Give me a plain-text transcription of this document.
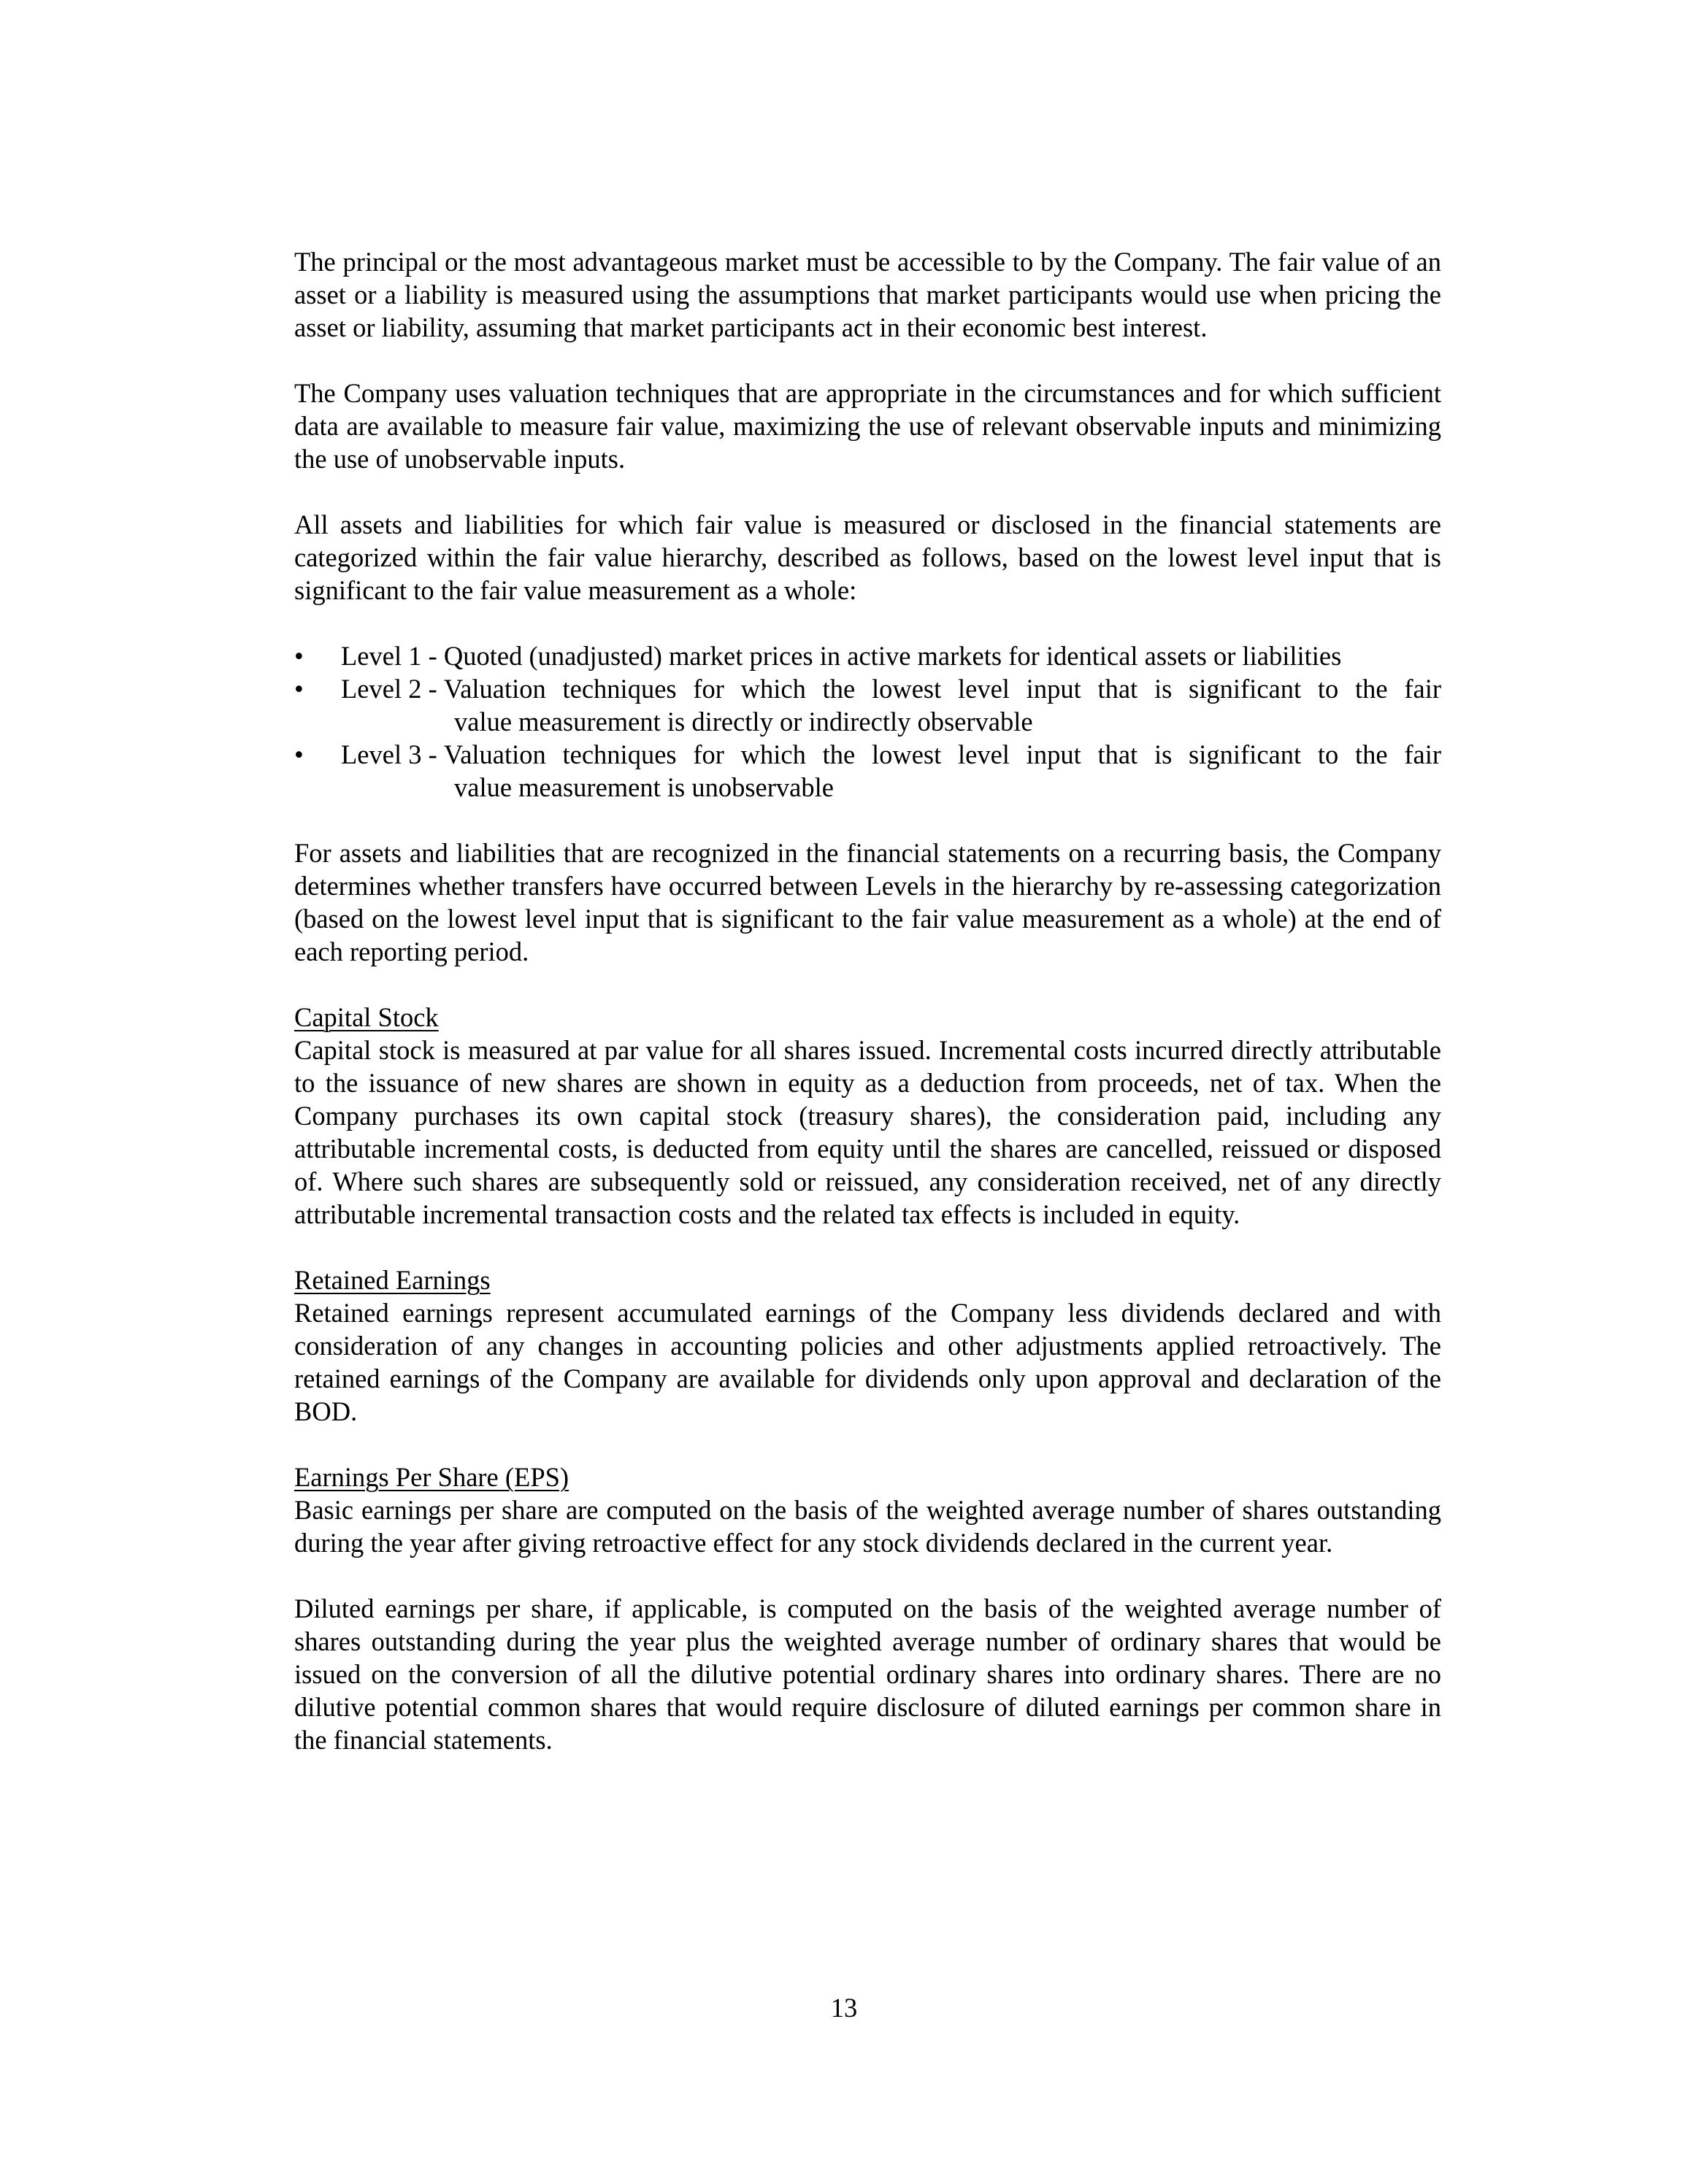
The principal or the most advantageous market must be accessible to by the Company. The fair value of an asset or a liability is measured using the assumptions that market participants would use when pricing the asset or liability, assuming that market participants act in their economic best interest.

The Company uses valuation techniques that are appropriate in the circumstances and for which sufficient data are available to measure fair value, maximizing the use of relevant observable inputs and minimizing the use of unobservable inputs.

All assets and liabilities for which fair value is measured or disclosed in the financial statements are categorized within the fair value hierarchy, described as follows, based on the lowest level input that is significant to the fair value measurement as a whole:

•	Level 1 - Quoted (unadjusted) market prices in active markets for identical assets or liabilities
•	Level 2 - Valuation techniques for which the lowest level input that is significant to the fair
value measurement is directly or indirectly observable
•	Level 3 - Valuation techniques for which the lowest level input that is significant to the fair
value measurement is unobservable

For assets and liabilities that are recognized in the financial statements on a recurring basis, the Company determines whether transfers have occurred between Levels in the hierarchy by re-assessing categorization (based on the lowest level input that is significant to the fair value measurement as a whole) at the end of each reporting period.

Capital Stock

Capital stock is measured at par value for all shares issued. Incremental costs incurred directly attributable to the issuance of new shares are shown in equity as a deduction from proceeds, net of tax. When the Company purchases its own capital stock (treasury shares), the consideration paid, including any attributable incremental costs, is deducted from equity until the shares are cancelled, reissued or disposed of. Where such shares are subsequently sold or reissued, any consideration received, net of any directly attributable incremental transaction costs and the related tax effects is included in equity.

Retained Earnings

Retained earnings represent accumulated earnings of the Company less dividends declared and with consideration of any changes in accounting policies and other adjustments applied retroactively. The retained earnings of the Company are available for dividends only upon approval and declaration of the BOD.

Earnings Per Share (EPS)

Basic earnings per share are computed on the basis of the weighted average number of shares outstanding during the year after giving retroactive effect for any stock dividends declared in the current year.

Diluted earnings per share, if applicable, is computed on the basis of the weighted average number of shares outstanding during the year plus the weighted average number of ordinary shares that would be issued on the conversion of all the dilutive potential ordinary shares into ordinary shares. There are no dilutive potential common shares that would require disclosure of diluted earnings per common share in the financial statements.

13
